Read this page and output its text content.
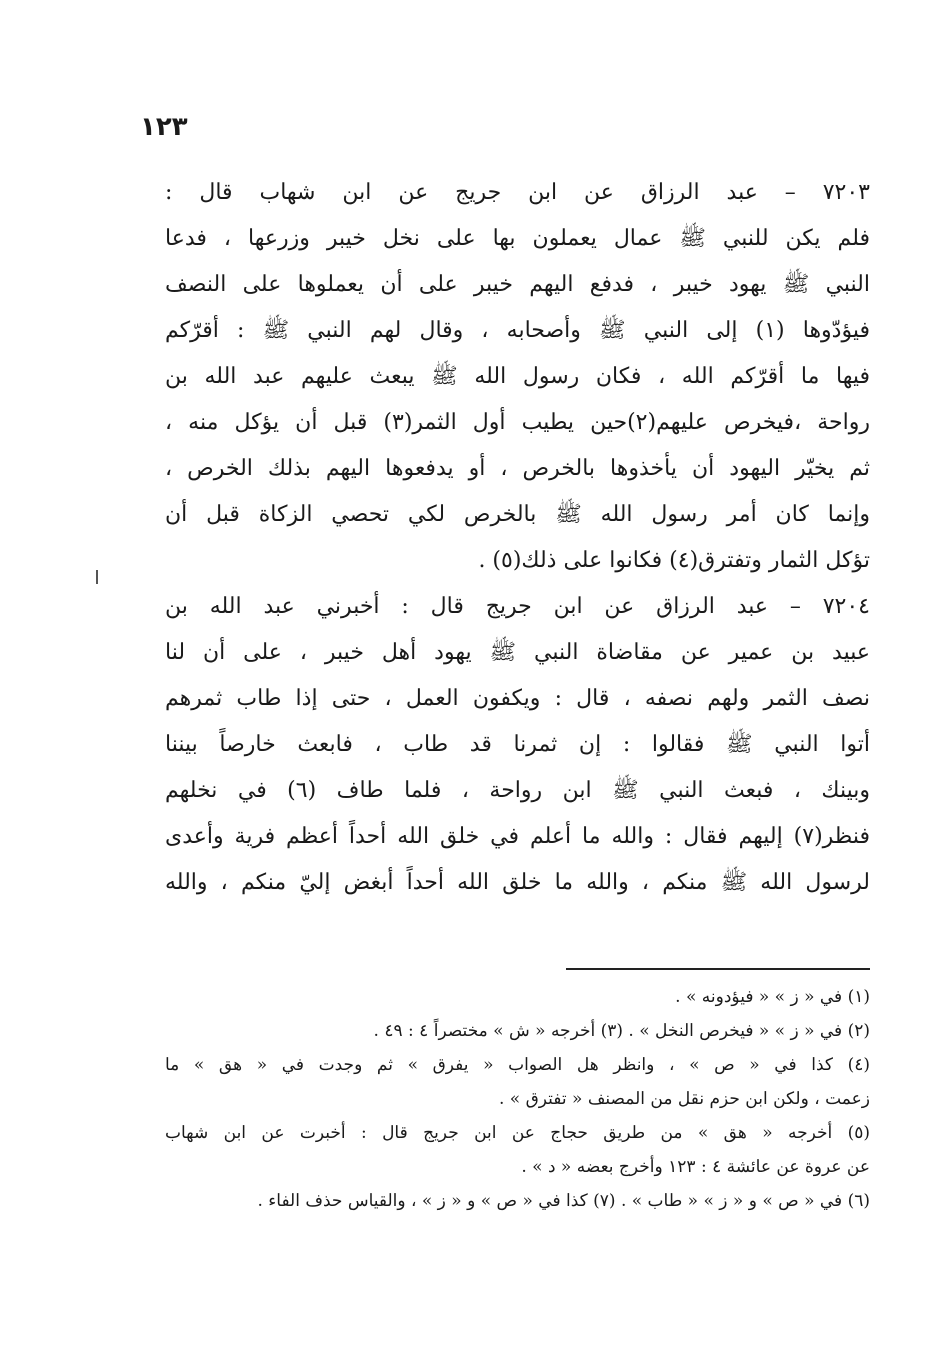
١٢٣
٧٢٠٣ – عبد الرزاق عن ابن جريج عن ابن شهاب قال :
فلم يكن للنبي ﷺ عمال يعملون بها على نخل خيبر وزرعها ، فدعا
النبي ﷺ يهود خيبر ، فدفع اليهم خيبر على أن يعملوها على النصف
فيؤدّوها (١) إلى النبي ﷺ وأصحابه ، وقال لهم النبي ﷺ : أقرّكم
فيها ما أقرّكم الله ، فكان رسول الله ﷺ يبعث عليهم عبد الله بن
رواحة ،فيخرص عليهم(٢)حين يطيب أول الثمر(٣) قبل أن يؤكل منه ،
ثم يخيّر اليهود أن يأخذوها بالخرص ، أو يدفعوها اليهم بذلك الخرص ،
وإنما كان أمر رسول الله ﷺ بالخرص لكي تحصي الزكاة قبل أن
تؤكل الثمار وتفترق(٤) فكانوا على ذلك(٥) .
٧٢٠٤ – عبد الرزاق عن ابن جريج قال : أخبرني عبد الله بن
عبيد بن عمير عن مقاضاة النبي ﷺ يهود أهل خيبر ، على أن لنا
نصف الثمر ولهم نصفه ، قال : ويكفون العمل ، حتى إذا طاب ثمرهم
أتوا النبي ﷺ فقالوا : إن ثمرنا قد طاب ، فابعث خارصاً بيننا
وبينك ، فبعث النبي ﷺ ابن رواحة ، فلما طاف (٦) في نخلهم
فنظر(٧) إليهم فقال : والله ما أعلم في خلق الله أحداً أعظم فرية وأعدى
لرسول الله ﷺ منكم ، والله ما خلق الله أحداً أبغض إليّ منكم ، والله
(١) في « ز » « فيؤدونه » .
(٢) في « ز » « فيخرص النخل » . (٣) أخرجه « ش » مختصراً ٤ : ٤٩ .
(٤) كذا في « ص » ، وانظر هل الصواب « يفرق » ثم وجدت في « هق » ما
زعمت ، ولكن ابن حزم نقل من المصنف « تفترق » .
(٥) أخرجه « هق » من طريق حجاج عن ابن جريج قال : أخبرت عن ابن شهاب
عن عروة عن عائشة ٤ : ١٢٣ وأخرج بعضه « د » .
(٦) في « ص » و « ز » « طاب » . (٧) كذا في « ص » و « ز » ، والقياس حذف الفاء .
